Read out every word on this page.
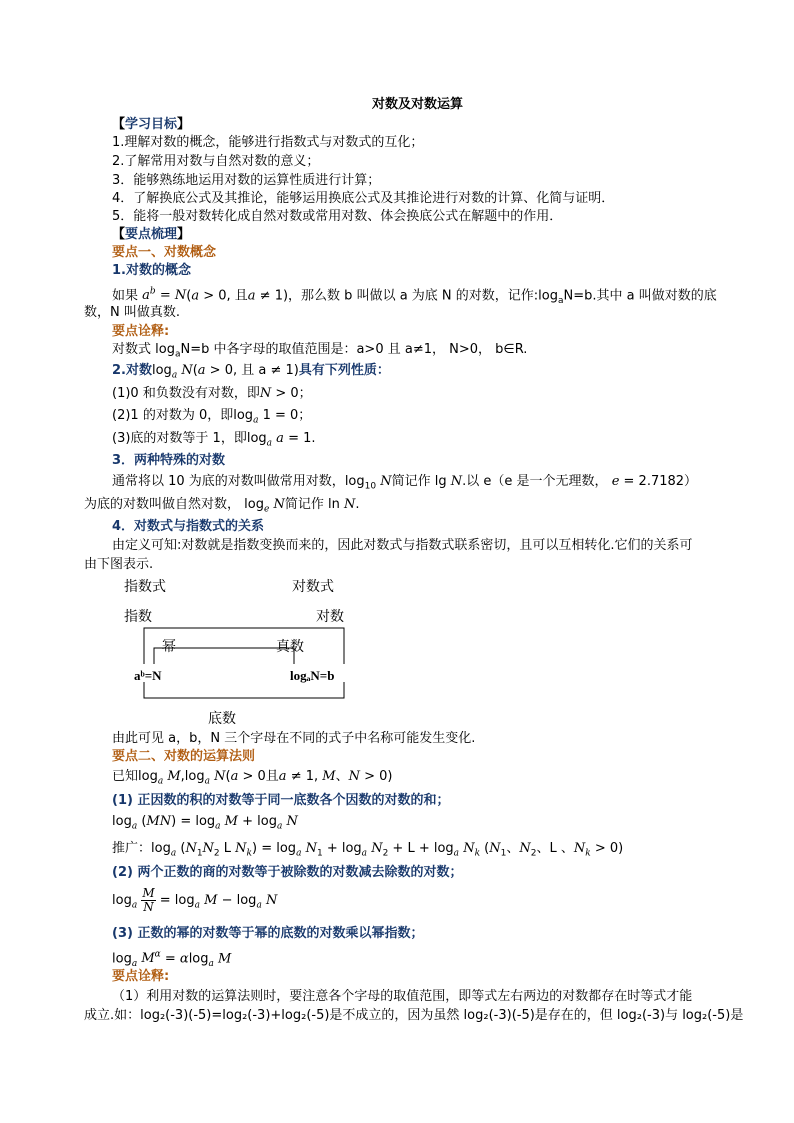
对数及对数运算
【学习目标】
1.理解对数的概念，能够进行指数式与对数式的互化；
2.了解常用对数与自然对数的意义；
3．能够熟练地运用对数的运算性质进行计算；
4．了解换底公式及其推论，能够运用换底公式及其推论进行对数的计算、化简与证明．
5．能将一般对数转化成自然对数或常用对数、体会换底公式在解题中的作用．
【要点梳理】
要点一、对数概念
1.对数的概念
如果 $a^b = N(a > 0$, 且a ≠ 1)，那么数 b 叫做以 a 为底 N 的对数，记作$:\log_aN=b$.其中 a 叫做对数的底
数，N 叫做真数.
要点诠释:
对数式 $\log_aN=b$ 中各字母的取值范围是：a>0 且 a≠1， N>0， b∈R.
2.对数$\log_a N(a > 0$, 且 a ≠ 1)具有下列性质：
(1)0 和负数没有对数，即N > 0；
(2)1 的对数为 0，即$\log_a 1 = 0$；
(3)底的对数等于 1，即$\log_a a = 1$.
3．两种特殊的对数
通常将以 10 为底的对数叫做常用对数，$\log_{10} N$简记作 lg N.以 e（e 是一个无理数， e = 2.7182）
为底的对数叫做自然对数， $\log_e N$简记作 ln N.
4．对数式与指数式的关系
由定义可知:对数就是指数变换而来的，因此对数式与指数式联系密切，且可以互相转化.它们的关系可
由下图表示.
指数式	对数式
指数	对数
幂	真数
aᵇ=N	logₐN=b
底数
由此可见 a，b，N 三个字母在不同的式子中名称可能发生变化.
要点二、对数的运算法则
已知$\log_a M,\log_a$ N(a > 0且a ≠ 1, M、N > 0)
(1) 正因数的积的对数等于同一底数各个因数的对数的和；
$\log_a (MN) = \log_a M + \log_a N$
推广：$\log_a (N_1N_2$ L $N_k) = \log_a N_1 + \log_a N_2 + L + \log_a N_k$ ($N_1$、$N_2$、L 、$N_k > 0$)
(2) 两个正数的商的对数等于被除数的对数减去除数的对数；
$\log_a \frac{M}{N} = \log_a M - \log_a N$
(3) 正数的幂的对数等于幂的底数的对数乘以幂指数；
$\log_a M^\alpha = \alpha\log_a$ M
要点诠释:
（1）利用对数的运算法则时，要注意各个字母的取值范围，即等式左右两边的对数都存在时等式才能
成立.如：log₂(-3)(-5)=log₂(-3)+log₂(-5)是不成立的，因为虽然 log₂(-3)(-5)是存在的，但 log₂(-3)与 log₂(-5)是
